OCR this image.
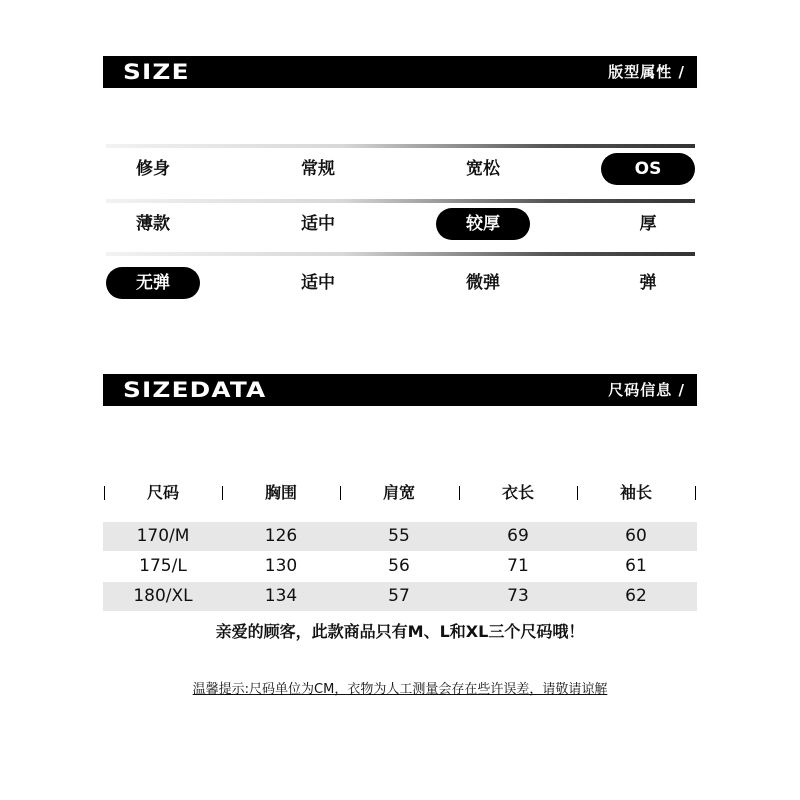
SIZE	版型属性 /
修身	常规	宽松	OS
薄款	适中	较厚	厚
无弹	适中	微弹	弹
SIZEDATA	尺码信息 /
尺码	胸围	肩宽	衣长	袖长
170/M	126	55	69	60
175/L	130	56	71	61
180/XL	134	57	73	62
亲爱的顾客，此款商品只有M、L和XL三个尺码哦！
温馨提示:尺码单位为CM，衣物为人工测量会存在些许误差，请敬请谅解
